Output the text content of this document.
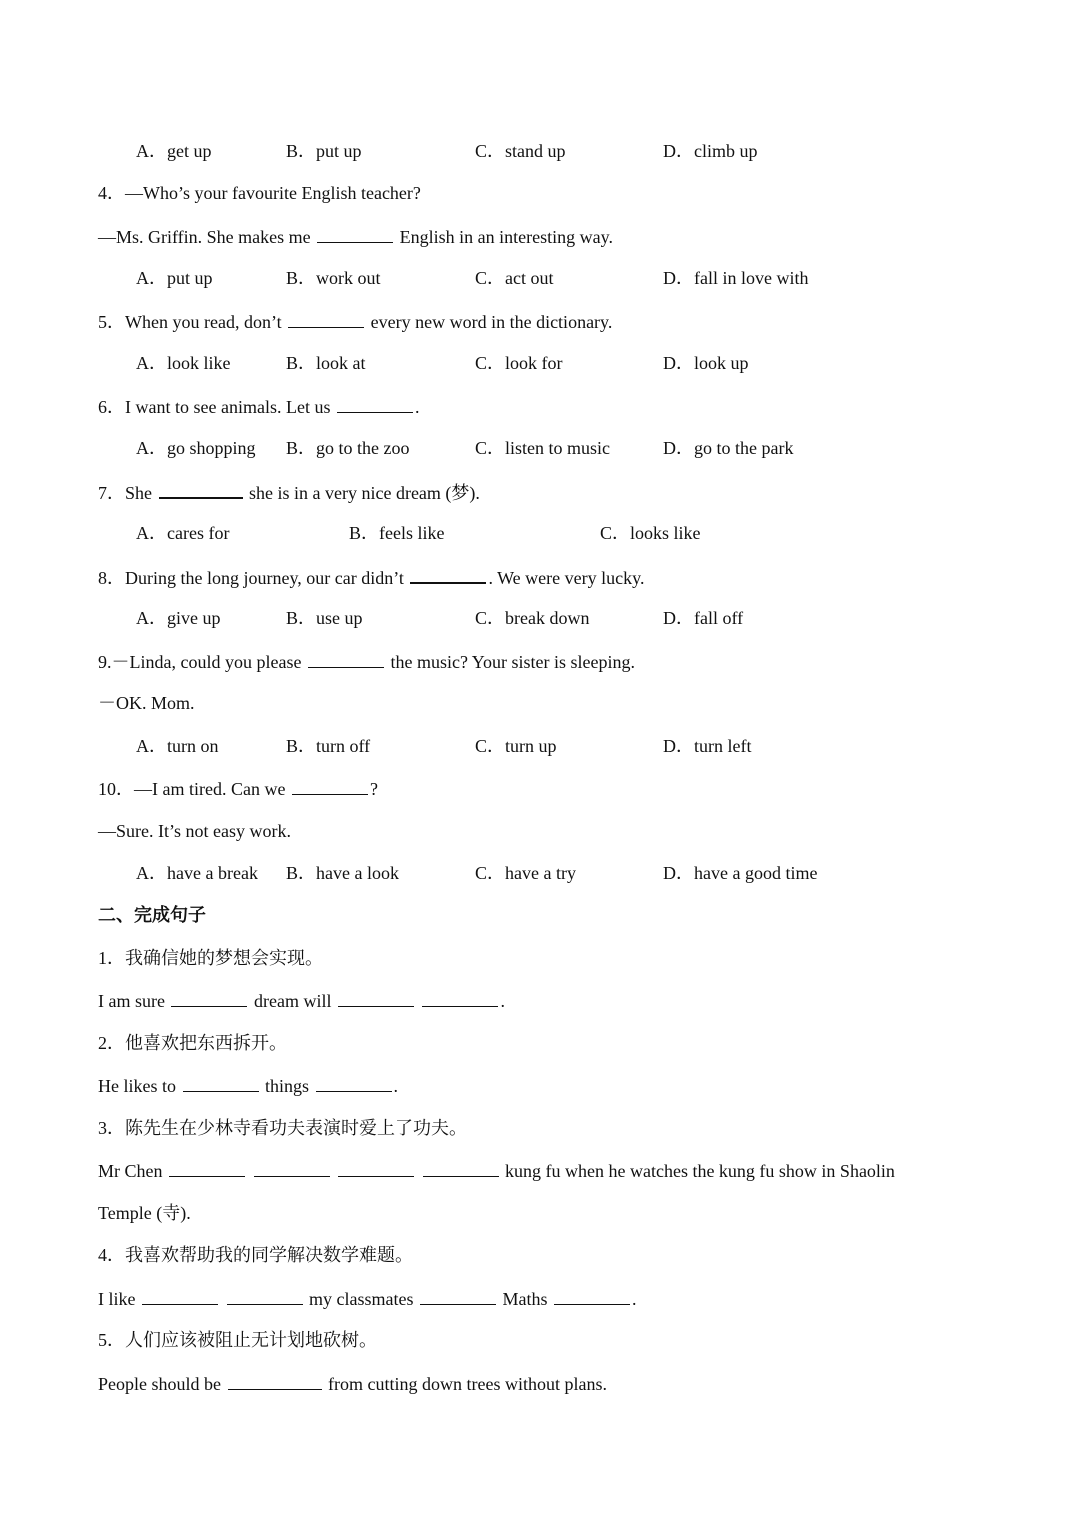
A．get up	B．put up	C．stand up	D．climb up
4．—Who’s your favourite English teacher?
—Ms. Griffin. She makes me	English in an interesting way.
A．put up	B．work out	C．act out	D．fall in love with
5．When you read, don’t	every new word in the dictionary.
A．look like	B．look at	C．look for	D．look up
6．I want to see animals. Let us	.
A．go shopping B．go to the zoo	C．listen to music	D．go to the park
7．She	she is in a very nice dream (梦).
A．cares for	B．feels like	C．looks like
8．During the long journey, our car didn’t	. We were very lucky.
A．give up	B．use up	C．break down	D．fall off
9.－Linda, could you please	the music? Your sister is sleeping.
－OK. Mom.
A．turn on	B．turn off	C．turn up	D．turn left
10．—I am tired. Can we	?
—Sure. It’s not easy work.
A．have a break B．have a look	C．have a try	D．have a good time
二、完成句子
1．我确信她的梦想会实现。
I am sure	dream will	.
2．他喜欢把东西拆开。
He likes to	things	.
3．陈先生在少林寺看功夫表演时爱上了功夫。
Mr Chen	kung fu when he watches the kung fu show in Shaolin
Temple (寺).
4．我喜欢帮助我的同学解决数学难题。
I like	my classmates	Maths	.
5．人们应该被阻止无计划地砍树。
People should be	from cutting down trees without plans.
